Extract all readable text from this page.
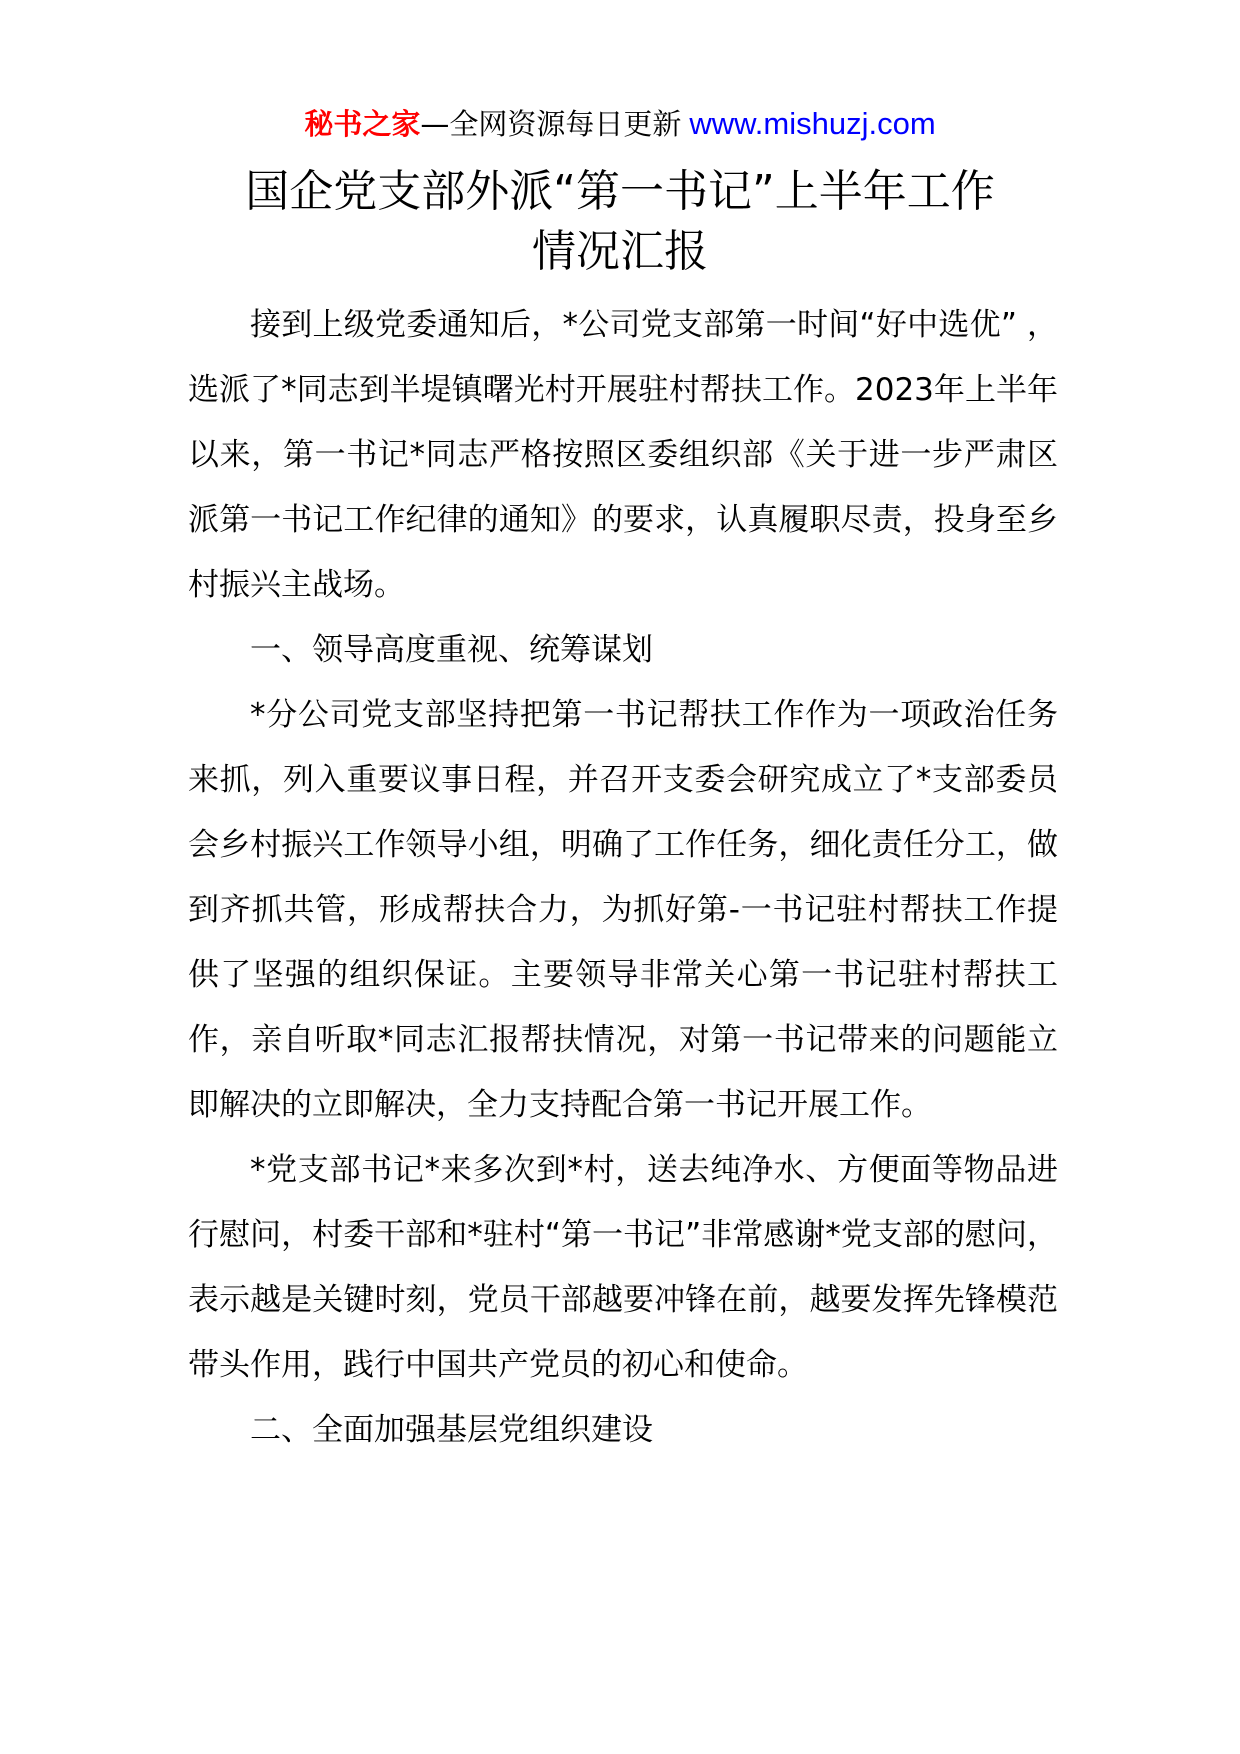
秘书之家—全网资源每日更新 www.mishuzj.com
国企党支部外派“第一书记”上半年工作
情况汇报

接到上级党委通知后，*公司党支部第一时间“好中选优” ，选派了*同志到半堤镇曙光村开展驻村帮扶工作。2023年上半年以来，第一书记*同志严格按照区委组织部《关于进一步严肃区派第一书记工作纪律的通知》的要求，认真履职尽责，投身至乡村振兴主战场。

一、领导高度重视、统筹谋划

*分公司党支部坚持把第一书记帮扶工作作为一项政治任务来抓，列入重要议事日程，并召开支委会研究成立了*支部委员会乡村振兴工作领导小组，明确了工作任务，细化责任分工，做到齐抓共管，形成帮扶合力，为抓好第-一书记驻村帮扶工作提供了坚强的组织保证。主要领导非常关心第一书记驻村帮扶工作，亲自听取*同志汇报帮扶情况，对第一书记带来的问题能立即解决的立即解决，全力支持配合第一书记开展工作。

*党支部书记*来多次到*村，送去纯净水、方便面等物品进行慰问，村委干部和*驻村“第一书记”非常感谢*党支部的慰问，表示越是关键时刻，党员干部越要冲锋在前，越要发挥先锋模范带头作用，践行中国共产党员的初心和使命。

二、全面加强基层党组织建设
